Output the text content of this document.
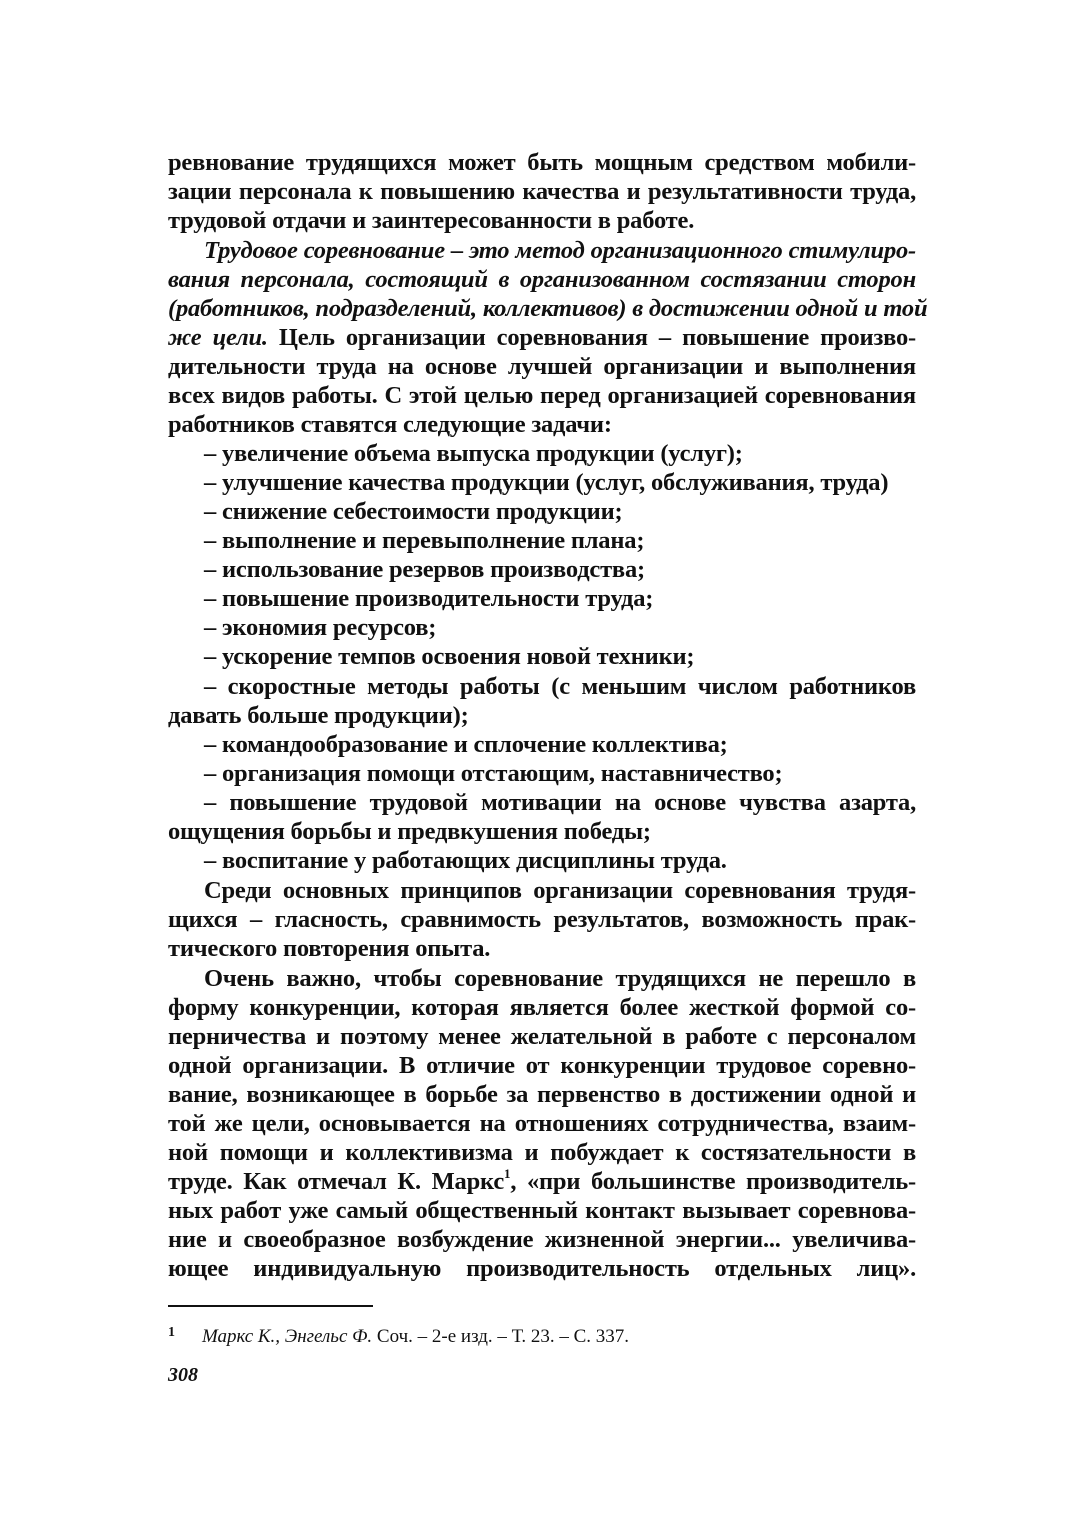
ревнование трудящихся может быть мощным средством мобили-
зации персонала к повышению качества и результативности труда,
трудовой отдачи и заинтересованности в работе.
Трудовое соревнование – это метод организационного стимулиро-
вания персонала, состоящий в организованном состязании сторон
(работников, подразделений, коллективов) в достижении одной и той
же цели. Цель организации соревнования – повышение произво-
дительности труда на основе лучшей организации и выполнения
всех видов работы. С этой целью перед организацией соревнования
работников ставятся следующие задачи:
– увеличение объема выпуска продукции (услуг);
– улучшение качества продукции (услуг, обслуживания, труда)
– снижение себестоимости продукции;
– выполнение и перевыполнение плана;
– использование резервов производства;
– повышение производительности труда;
– экономия ресурсов;
– ускорение темпов освоения новой техники;
– скоростные методы работы (с меньшим числом работников
давать больше продукции);
– командообразование и сплочение коллектива;
– организация помощи отстающим, наставничество;
– повышение трудовой мотивации на основе чувства азарта,
ощущения борьбы и предвкушения победы;
– воспитание у работающих дисциплины труда.
Среди основных принципов организации соревнования трудя-
щихся – гласность, сравнимость результатов, возможность прак-
тического повторения опыта.
Очень важно, чтобы соревнование трудящихся не перешло в
форму конкуренции, которая является более жесткой формой со-
перничества и поэтому менее желательной в работе с персоналом
одной организации. В отличие от конкуренции трудовое соревно-
вание, возникающее в борьбе за первенство в достижении одной и
той же цели, основывается на отношениях сотрудничества, взаим-
ной помощи и коллективизма и побуждает к состязательности в
труде. Как отмечал К. Маркс$^1$, «при большинстве производитель-
ных работ уже самый общественный контакт вызывает соревнова-
ние и своеобразное возбуждение жизненной энергии... увеличива-
ющее индивидуальную производительность отдельных лиц».
1 Маркс К., Энгельс Ф. Соч. – 2-е изд. – Т. 23. – С. 337.
308
